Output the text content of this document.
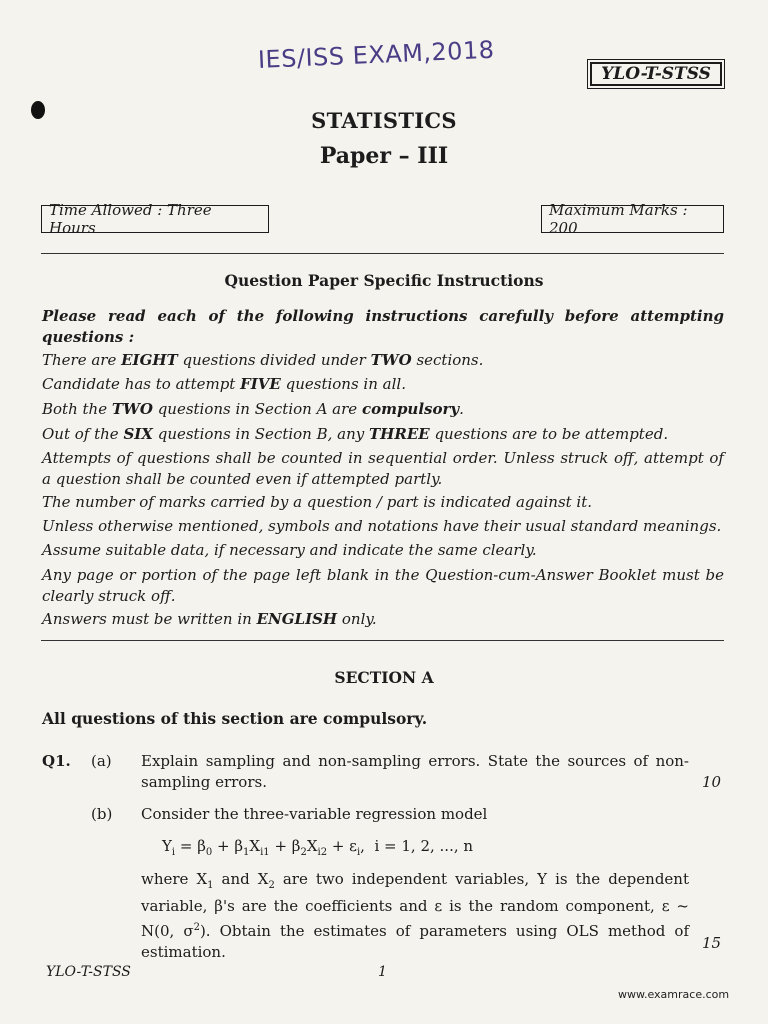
IES/ISS EXAM,2018
YLO-T-STSS
STATISTICS
Paper – III
Time Allowed : Three Hours
Maximum Marks : 200
Question Paper Specific Instructions
Please read each of the following instructions carefully before attempting questions :
There are EIGHT questions divided under TWO sections.
Candidate has to attempt FIVE questions in all.
Both the TWO questions in Section A are compulsory.
Out of the SIX questions in Section B, any THREE questions are to be attempted.
Attempts of questions shall be counted in sequential order. Unless struck off, attempt of a question shall be counted even if attempted partly.
The number of marks carried by a question / part is indicated against it.
Unless otherwise mentioned, symbols and notations have their usual standard meanings.
Assume suitable data, if necessary and indicate the same clearly.
Any page or portion of the page left blank in the Question-cum-Answer Booklet must be clearly struck off.
Answers must be written in ENGLISH only.
SECTION A
All questions of this section are compulsory.
Q1. (a) Explain sampling and non-sampling errors. State the sources of non-sampling errors.	10
(b) Consider the three-variable regression model
$Y_i = \beta_0 + \beta_1X_{i1} + \beta_2X_{i2} + \varepsilon_i$,  i = 1, 2, ..., n
where $X_1$ and $X_2$ are two independent variables, Y is the dependent variable, β's are the coefficients and ε is the random component, ε ~ N(0, $\sigma^2$). Obtain the estimates of parameters using OLS method of estimation.	15
YLO-T-STSS	1
www.examrace.com
